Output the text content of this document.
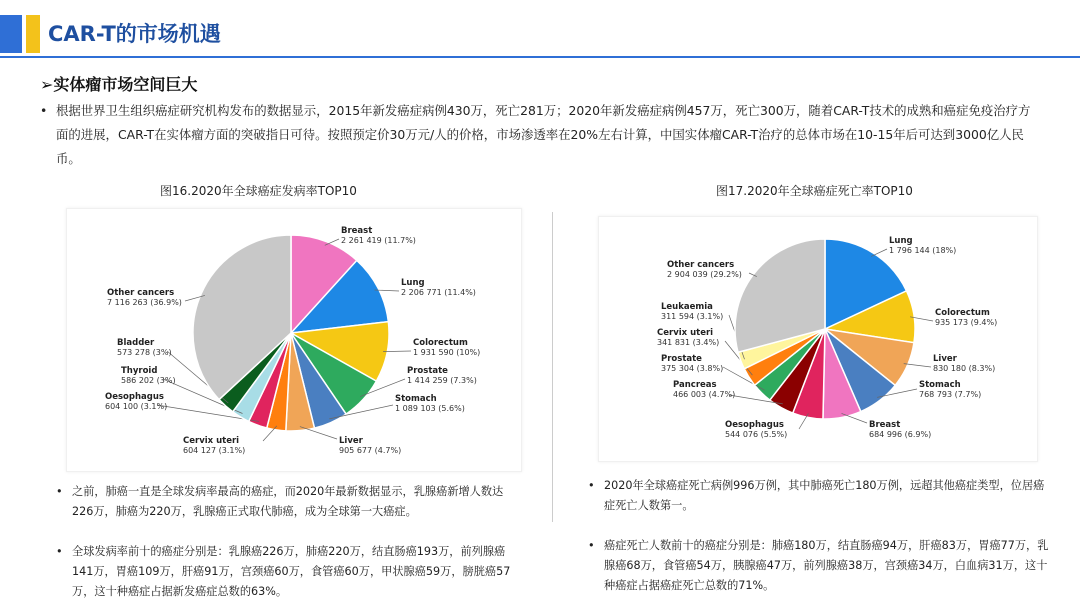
CAR-T的市场机遇
➢实体瘤市场空间巨大
• 根据世界卫生组织癌症研究机构发布的数据显示，2015年新发癌症病例430万，死亡281万；2020年新发癌症病例457万，死亡300万，随着CAR-T技术的成熟和癌症免疫治疗方面的进展，CAR-T在实体瘤方面的突破指日可待。按照预定价30万元/人的价格，市场渗透率在20%左右计算，中国实体瘤CAR-T治疗的总体市场在10-15年后可达到3000亿人民币。
图16.2020年全球癌症发病率TOP10	图17.2020年全球癌症死亡率TOP10
Breast
2 261 419 (11.7%)
Lung
2 206 771 (11.4%)
Colorectum
1 931 590 (10%)
Prostate
1 414 259 (7.3%)
Stomach
1 089 103 (5.6%)
Liver
905 677 (4.7%)
Cervix uteri
604 127 (3.1%)
Oesophagus
604 100 (3.1%)
Thyroid
586 202 (3%)
Bladder
573 278 (3%)
Other cancers
7 116 263 (36.9%)
Lung
1 796 144 (18%)
Colorectum
935 173 (9.4%)
Liver
830 180 (8.3%)
Stomach
768 793 (7.7%)
Breast
684 996 (6.9%)
Oesophagus
544 076 (5.5%)
Pancreas
466 003 (4.7%)
Prostate
375 304 (3.8%)
Cervix uteri
341 831 (3.4%)
Leukaemia
311 594 (3.1%)
Other cancers
2 904 039 (29.2%)
• 之前，肺癌一直是全球发病率最高的癌症，而2020年最新数据显示，乳腺癌新增人数达226万，肺癌为220万，乳腺癌正式取代肺癌，成为全球第一大癌症。
• 全球发病率前十的癌症分别是：乳腺癌226万，肺癌220万，结直肠癌193万，前列腺癌141万，胃癌109万，肝癌91万，宫颈癌60万，食管癌60万，甲状腺癌59万，膀胱癌57万，这十种癌症占据新发癌症总数的63%。
• 2020年全球癌症死亡病例996万例，其中肺癌死亡180万例，远超其他癌症类型，位居癌症死亡人数第一。
• 癌症死亡人数前十的癌症分别是：肺癌180万，结直肠癌94万，肝癌83万，胃癌77万，乳腺癌68万，食管癌54万，胰腺癌47万，前列腺癌38万，宫颈癌34万，白血病31万，这十种癌症占据癌症死亡总数的71%。
